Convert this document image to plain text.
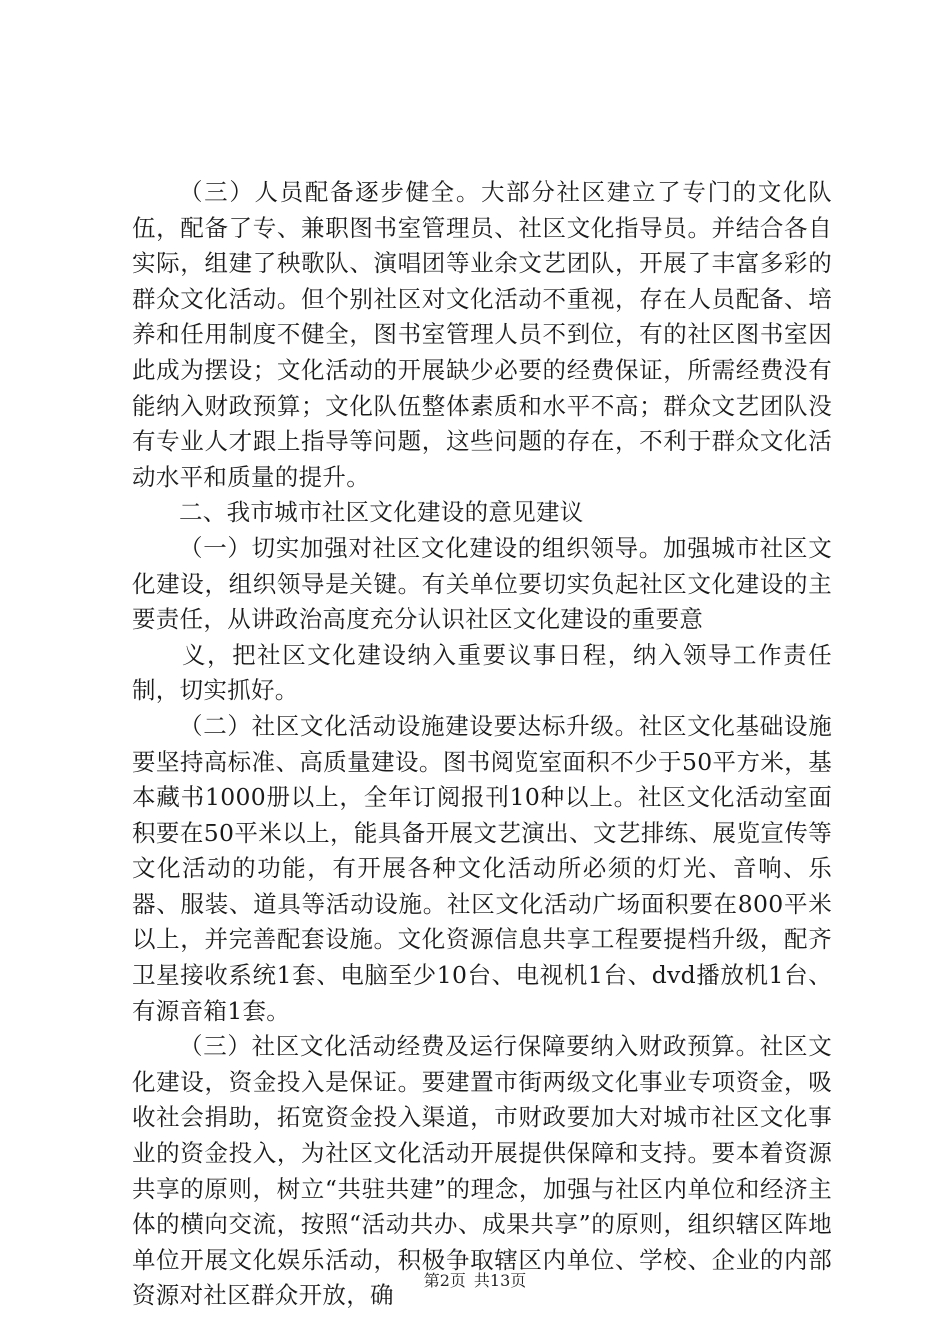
（三）人员配备逐步健全。大部分社区建立了专门的文化队伍，配备了专、兼职图书室管理员、社区文化指导员。并结合各自实际，组建了秧歌队、演唱团等业余文艺团队，开展了丰富多彩的群众文化活动。但个别社区对文化活动不重视，存在人员配备、培养和任用制度不健全，图书室管理人员不到位，有的社区图书室因此成为摆设；文化活动的开展缺少必要的经费保证，所需经费没有能纳入财政预算；文化队伍整体素质和水平不高；群众文艺团队没有专业人才跟上指导等问题，这些问题的存在，不利于群众文化活动水平和质量的提升。

二、我市城市社区文化建设的意见建议

（一）切实加强对社区文化建设的组织领导。加强城市社区文化建设，组织领导是关键。有关单位要切实负起社区文化建设的主要责任，从讲政治高度充分认识社区文化建设的重要意

义，把社区文化建设纳入重要议事日程，纳入领导工作责任制，切实抓好。

（二）社区文化活动设施建设要达标升级。社区文化基础设施要坚持高标准、高质量建设。图书阅览室面积不少于50平方米，基本藏书1000册以上，全年订阅报刊10种以上。社区文化活动室面积要在50平米以上，能具备开展文艺演出、文艺排练、展览宣传等文化活动的功能，有开展各种文化活动所必须的灯光、音响、乐器、服装、道具等活动设施。社区文化活动广场面积要在800平米以上，并完善配套设施。文化资源信息共享工程要提档升级，配齐卫星接收系统1套、电脑至少10台、电视机1台、dvd播放机1台、有源音箱1套。

（三）社区文化活动经费及运行保障要纳入财政预算。社区文化建设，资金投入是保证。要建置市街两级文化事业专项资金，吸收社会捐助，拓宽资金投入渠道，市财政要加大对城市社区文化事业的资金投入，为社区文化活动开展提供保障和支持。要本着资源共享的原则，树立“共驻共建”的理念，加强与社区内单位和经济主体的横向交流，按照“活动共办、成果共享”的原则，组织辖区阵地单位开展文化娱乐活动，积极争取辖区内单位、学校、企业的内部资源对社区群众开放，确

第2页 共13页
